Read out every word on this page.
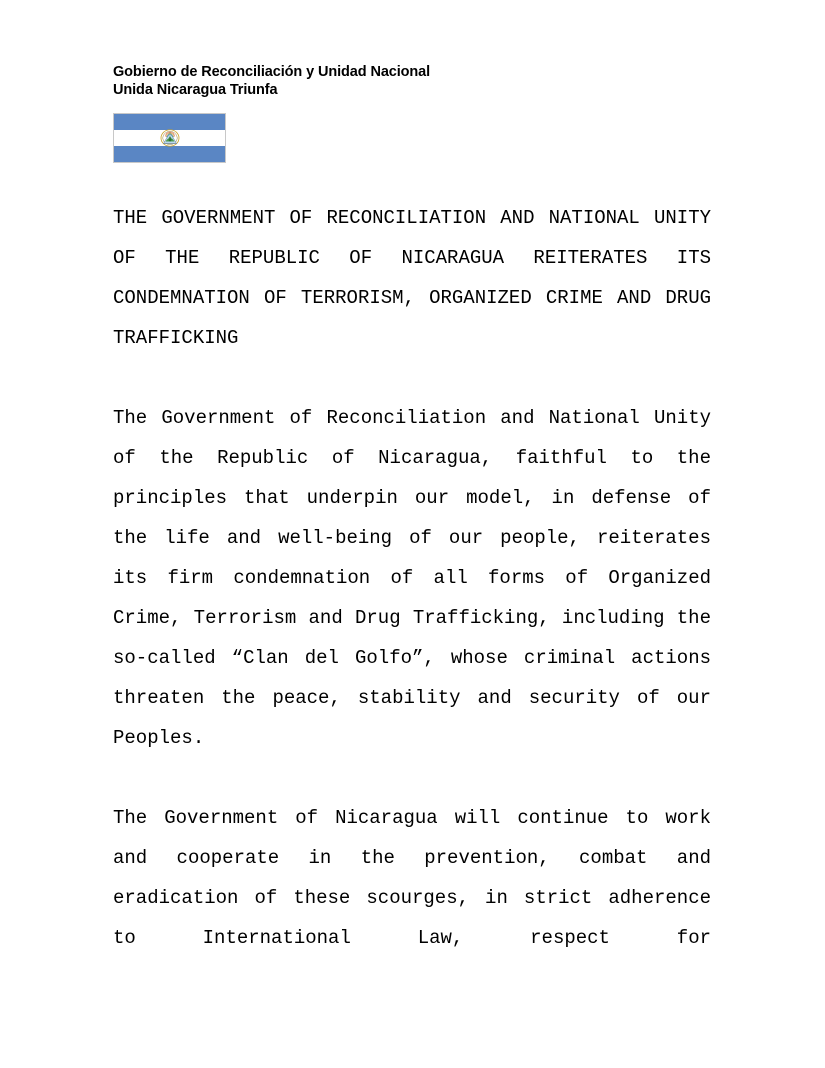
Gobierno de Reconciliación y Unidad Nacional
Unida Nicaragua Triunfa

THE GOVERNMENT OF RECONCILIATION AND NATIONAL UNITY OF THE REPUBLIC OF NICARAGUA REITERATES ITS CONDEMNATION OF TERRORISM, ORGANIZED CRIME AND DRUG TRAFFICKING

The Government of Reconciliation and National Unity of the Republic of Nicaragua, faithful to the principles that underpin our model, in defense of the life and well-being of our people, reiterates its firm condemnation of all forms of Organized Crime, Terrorism and Drug Trafficking, including the so-called “Clan del Golfo”, whose criminal actions threaten the peace, stability and security of our Peoples.

The Government of Nicaragua will continue to work and cooperate in the prevention, combat and eradication of these scourges, in strict adherence to International Law, respect for
